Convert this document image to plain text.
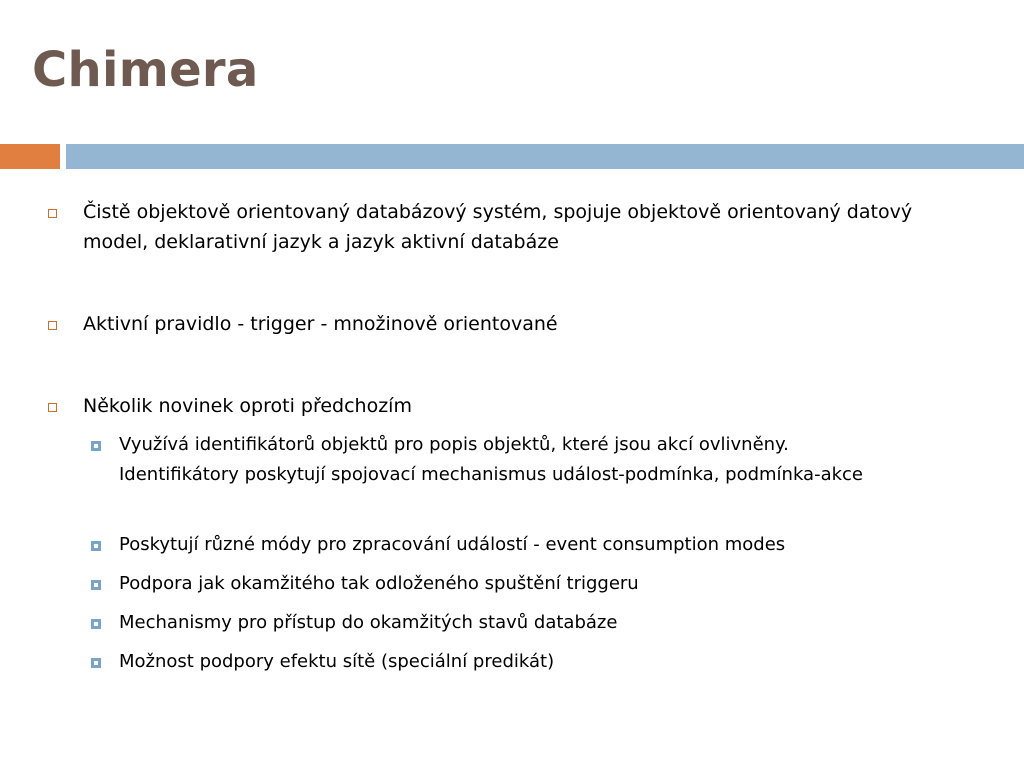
Chimera
Čistě objektově orientovaný databázový systém, spojuje objektově orientovaný datový model, deklarativní jazyk a jazyk aktivní databáze
Aktivní pravidlo - trigger - množinově orientované
Několik novinek oproti předchozím
Využívá identifikátorů objektů pro popis objektů, které jsou akcí ovlivněny. Identifikátory poskytují spojovací mechanismus událost-podmínka, podmínka-akce
Poskytují různé módy pro zpracování událostí - event consumption modes
Podpora jak okamžitého tak odloženého spuštění triggeru
Mechanismy pro přístup do okamžitých stavů databáze
Možnost podpory efektu sítě (speciální predikát)
